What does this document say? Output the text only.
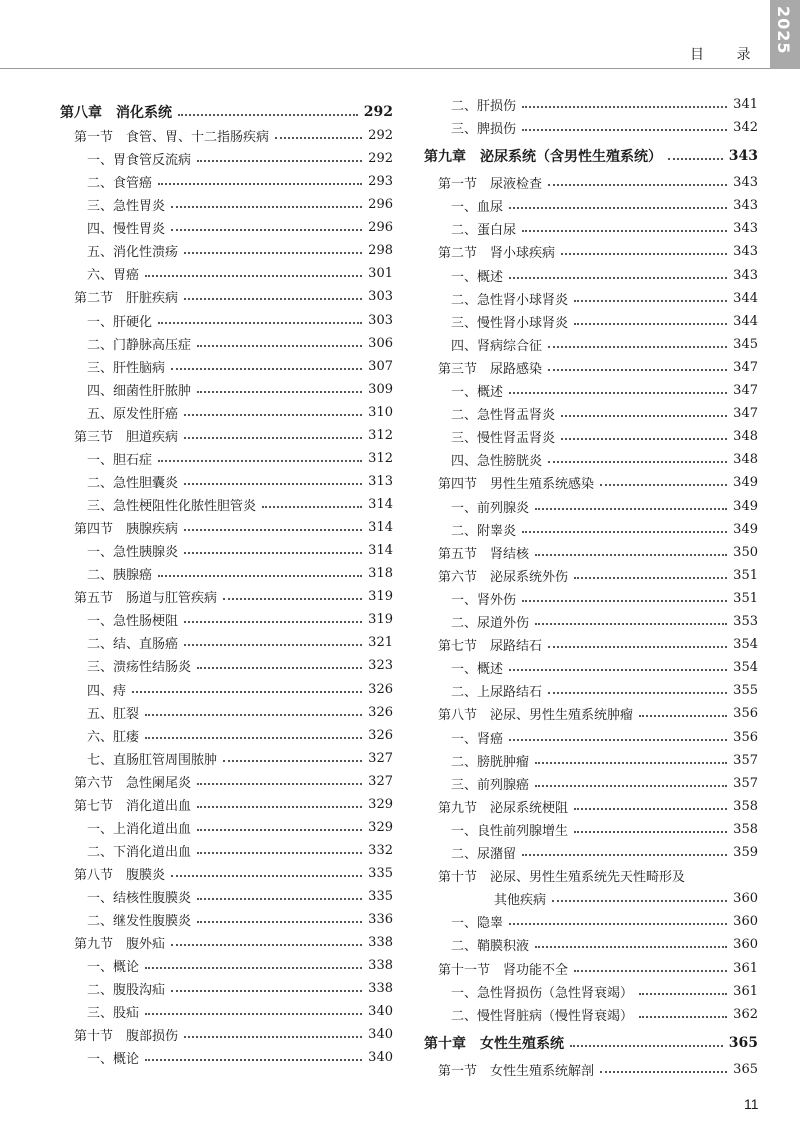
2025
目 录
第八章　消化系统	292
第一节　食管、胃、十二指肠疾病	292
一、胃食管反流病	292
二、食管癌	293
三、急性胃炎	296
四、慢性胃炎	296
五、消化性溃疡	298
六、胃癌	301
第二节　肝脏疾病	303
一、肝硬化	303
二、门静脉高压症	306
三、肝性脑病	307
四、细菌性肝脓肿	309
五、原发性肝癌	310
第三节　胆道疾病	312
一、胆石症	312
二、急性胆囊炎	313
三、急性梗阻性化脓性胆管炎	314
第四节　胰腺疾病	314
一、急性胰腺炎	314
二、胰腺癌	318
第五节　肠道与肛管疾病	319
一、急性肠梗阻	319
二、结、直肠癌	321
三、溃疡性结肠炎	323
四、痔	326
五、肛裂	326
六、肛瘘	326
七、直肠肛管周围脓肿	327
第六节　急性阑尾炎	327
第七节　消化道出血	329
一、上消化道出血	329
二、下消化道出血	332
第八节　腹膜炎	335
一、结核性腹膜炎	335
二、继发性腹膜炎	336
第九节　腹外疝	338
一、概论	338
二、腹股沟疝	338
三、股疝	340
第十节　腹部损伤	340
一、概论	340
二、肝损伤	341
三、脾损伤	342
第九章　泌尿系统（含男性生殖系统）	343
第一节　尿液检查	343
一、血尿	343
二、蛋白尿	343
第二节　肾小球疾病	343
一、概述	343
二、急性肾小球肾炎	344
三、慢性肾小球肾炎	344
四、肾病综合征	345
第三节　尿路感染	347
一、概述	347
二、急性肾盂肾炎	347
三、慢性肾盂肾炎	348
四、急性膀胱炎	348
第四节　男性生殖系统感染	349
一、前列腺炎	349
二、附睾炎	349
第五节　肾结核	350
第六节　泌尿系统外伤	351
一、肾外伤	351
二、尿道外伤	353
第七节　尿路结石	354
一、概述	354
二、上尿路结石	355
第八节　泌尿、男性生殖系统肿瘤	356
一、肾癌	356
二、膀胱肿瘤	357
三、前列腺癌	357
第九节　泌尿系统梗阻	358
一、良性前列腺增生	358
二、尿潴留	359
第十节　泌尿、男性生殖系统先天性畸形及
其他疾病	360
一、隐睾	360
二、鞘膜积液	360
第十一节　肾功能不全	361
一、急性肾损伤（急性肾衰竭）	361
二、慢性肾脏病（慢性肾衰竭）	362
第十章　女性生殖系统	365
第一节　女性生殖系统解剖	365
11
